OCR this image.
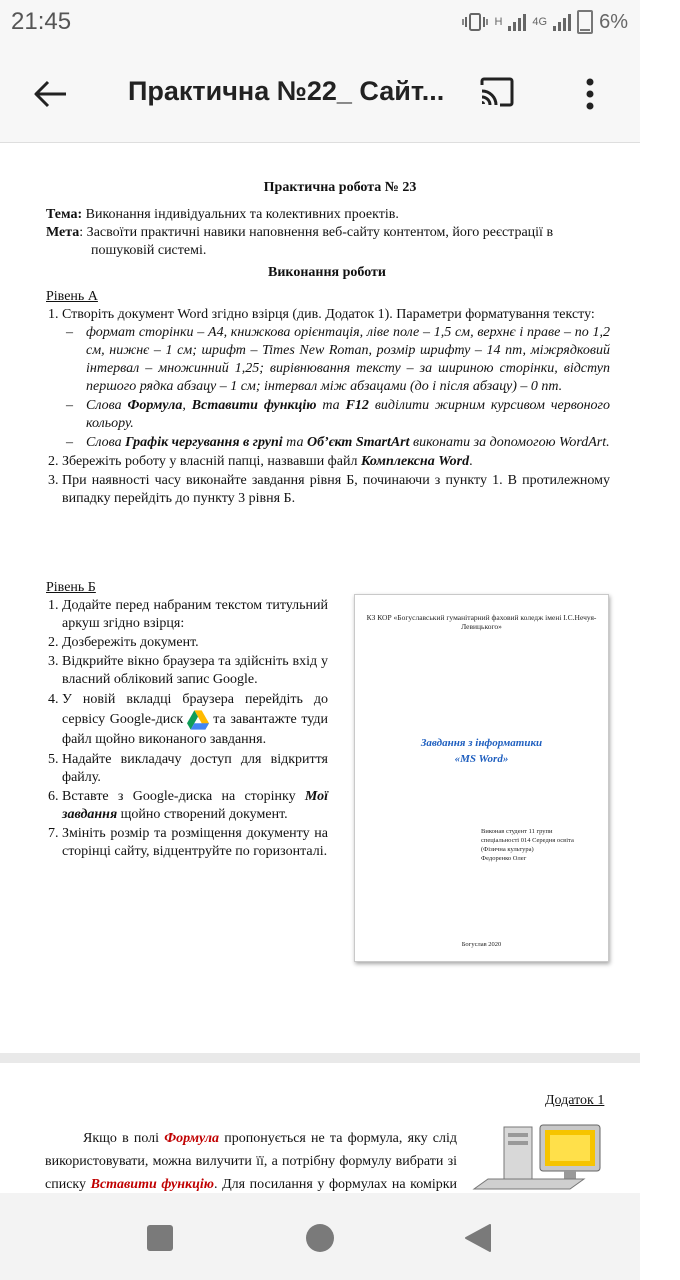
21:45	H	4G	6%
Практична №22_ Сайт...
Практична робота № 23
Тема: Виконання індивідуальних та колективних проектів.
Мета: Засвоїти практичні навики наповнення веб-сайту контентом, його реєстрації в
пошуковій системі.
Виконання роботи
Рівень А
1. Створіть документ Word згідно взірця (див. Додаток 1). Параметри форматування тексту:
– формат сторінки – А4, книжкова орієнтація, ліве поле – 1,5 см, верхнє і праве – по 1,2 см, нижнє – 1 см; шрифт – Times New Roman, розмір шрифту – 14 пт, міжрядковий інтервал – множинний 1,25; вирівнювання тексту – за шириною сторінки, відступ першого рядка абзацу – 1 см; інтервал між абзацами (до і після абзацу) – 0 пт.
– Слова Формула, Вставити функцію та F12 виділити жирним курсивом червоного кольору.
– Слова Графік чергування в групі та Об’єкт SmartArt виконати за допомогою WordArt.
2. Збережіть роботу у власній папці, назвавши файл Комплексна Word.
3. При наявності часу виконайте завдання рівня Б, починаючи з пункту 1. В протилежному випадку перейдіть до пункту 3 рівня Б.
Рівень Б
1. Додайте перед набраним текстом титульний аркуш згідно взірця:
2. Дозбережіть документ.
3. Відкрийте вікно браузера та здійсніть вхід у власний обліковий запис Google.
4. У новій вкладці браузера перейдіть до сервісу Google-диск та завантажте туди файл щойно виконаного завдання.
5. Надайте викладачу доступ для відкриття файлу.
6. Вставте з Google-диска на сторінку Мої завдання щойно створений документ.
7. Змініть розмір та розміщення документу на сторінці сайту, відцентруйте по горизонталі.
КЗ КОР «Богуславський гуманітарний фаховий коледж імені І.С.Нечуя-Левицького»
Завдання з інформатики
«MS Word»
Виконав студент 11 групи
спеціальності 014 Середня освіта
(Фізична культура)
Федоренко Олег
Богуслав 2020
Додаток 1
Якщо в полі Формула пропонується не та формула, яку слід використовувати, можна вилучити її, а потрібну формулу вибрати зі списку Вставити функцію. Для посилання у формулах на комірки
